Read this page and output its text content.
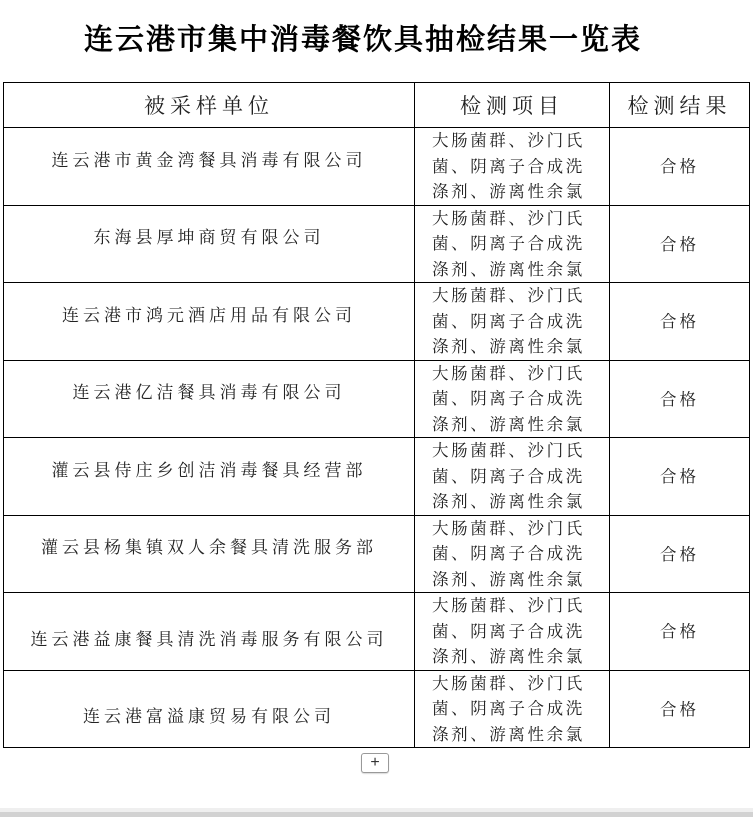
连云港市集中消毒餐饮具抽检结果一览表
被采样单位	检测项目	检测结果
连云港市黄金湾餐具消毒有限公司	大肠菌群、沙门氏菌、阴离子合成洗涤剂、游离性余氯	合格
东海县厚坤商贸有限公司	大肠菌群、沙门氏菌、阴离子合成洗涤剂、游离性余氯	合格
连云港市鸿元酒店用品有限公司	大肠菌群、沙门氏菌、阴离子合成洗涤剂、游离性余氯	合格
连云港亿洁餐具消毒有限公司	大肠菌群、沙门氏菌、阴离子合成洗涤剂、游离性余氯	合格
灌云县侍庄乡创洁消毒餐具经营部	大肠菌群、沙门氏菌、阴离子合成洗涤剂、游离性余氯	合格
灌云县杨集镇双人余餐具清洗服务部	大肠菌群、沙门氏菌、阴离子合成洗涤剂、游离性余氯	合格
连云港益康餐具清洗消毒服务有限公司	大肠菌群、沙门氏菌、阴离子合成洗涤剂、游离性余氯	合格
连云港富溢康贸易有限公司	大肠菌群、沙门氏菌、阴离子合成洗涤剂、游离性余氯	合格
+
